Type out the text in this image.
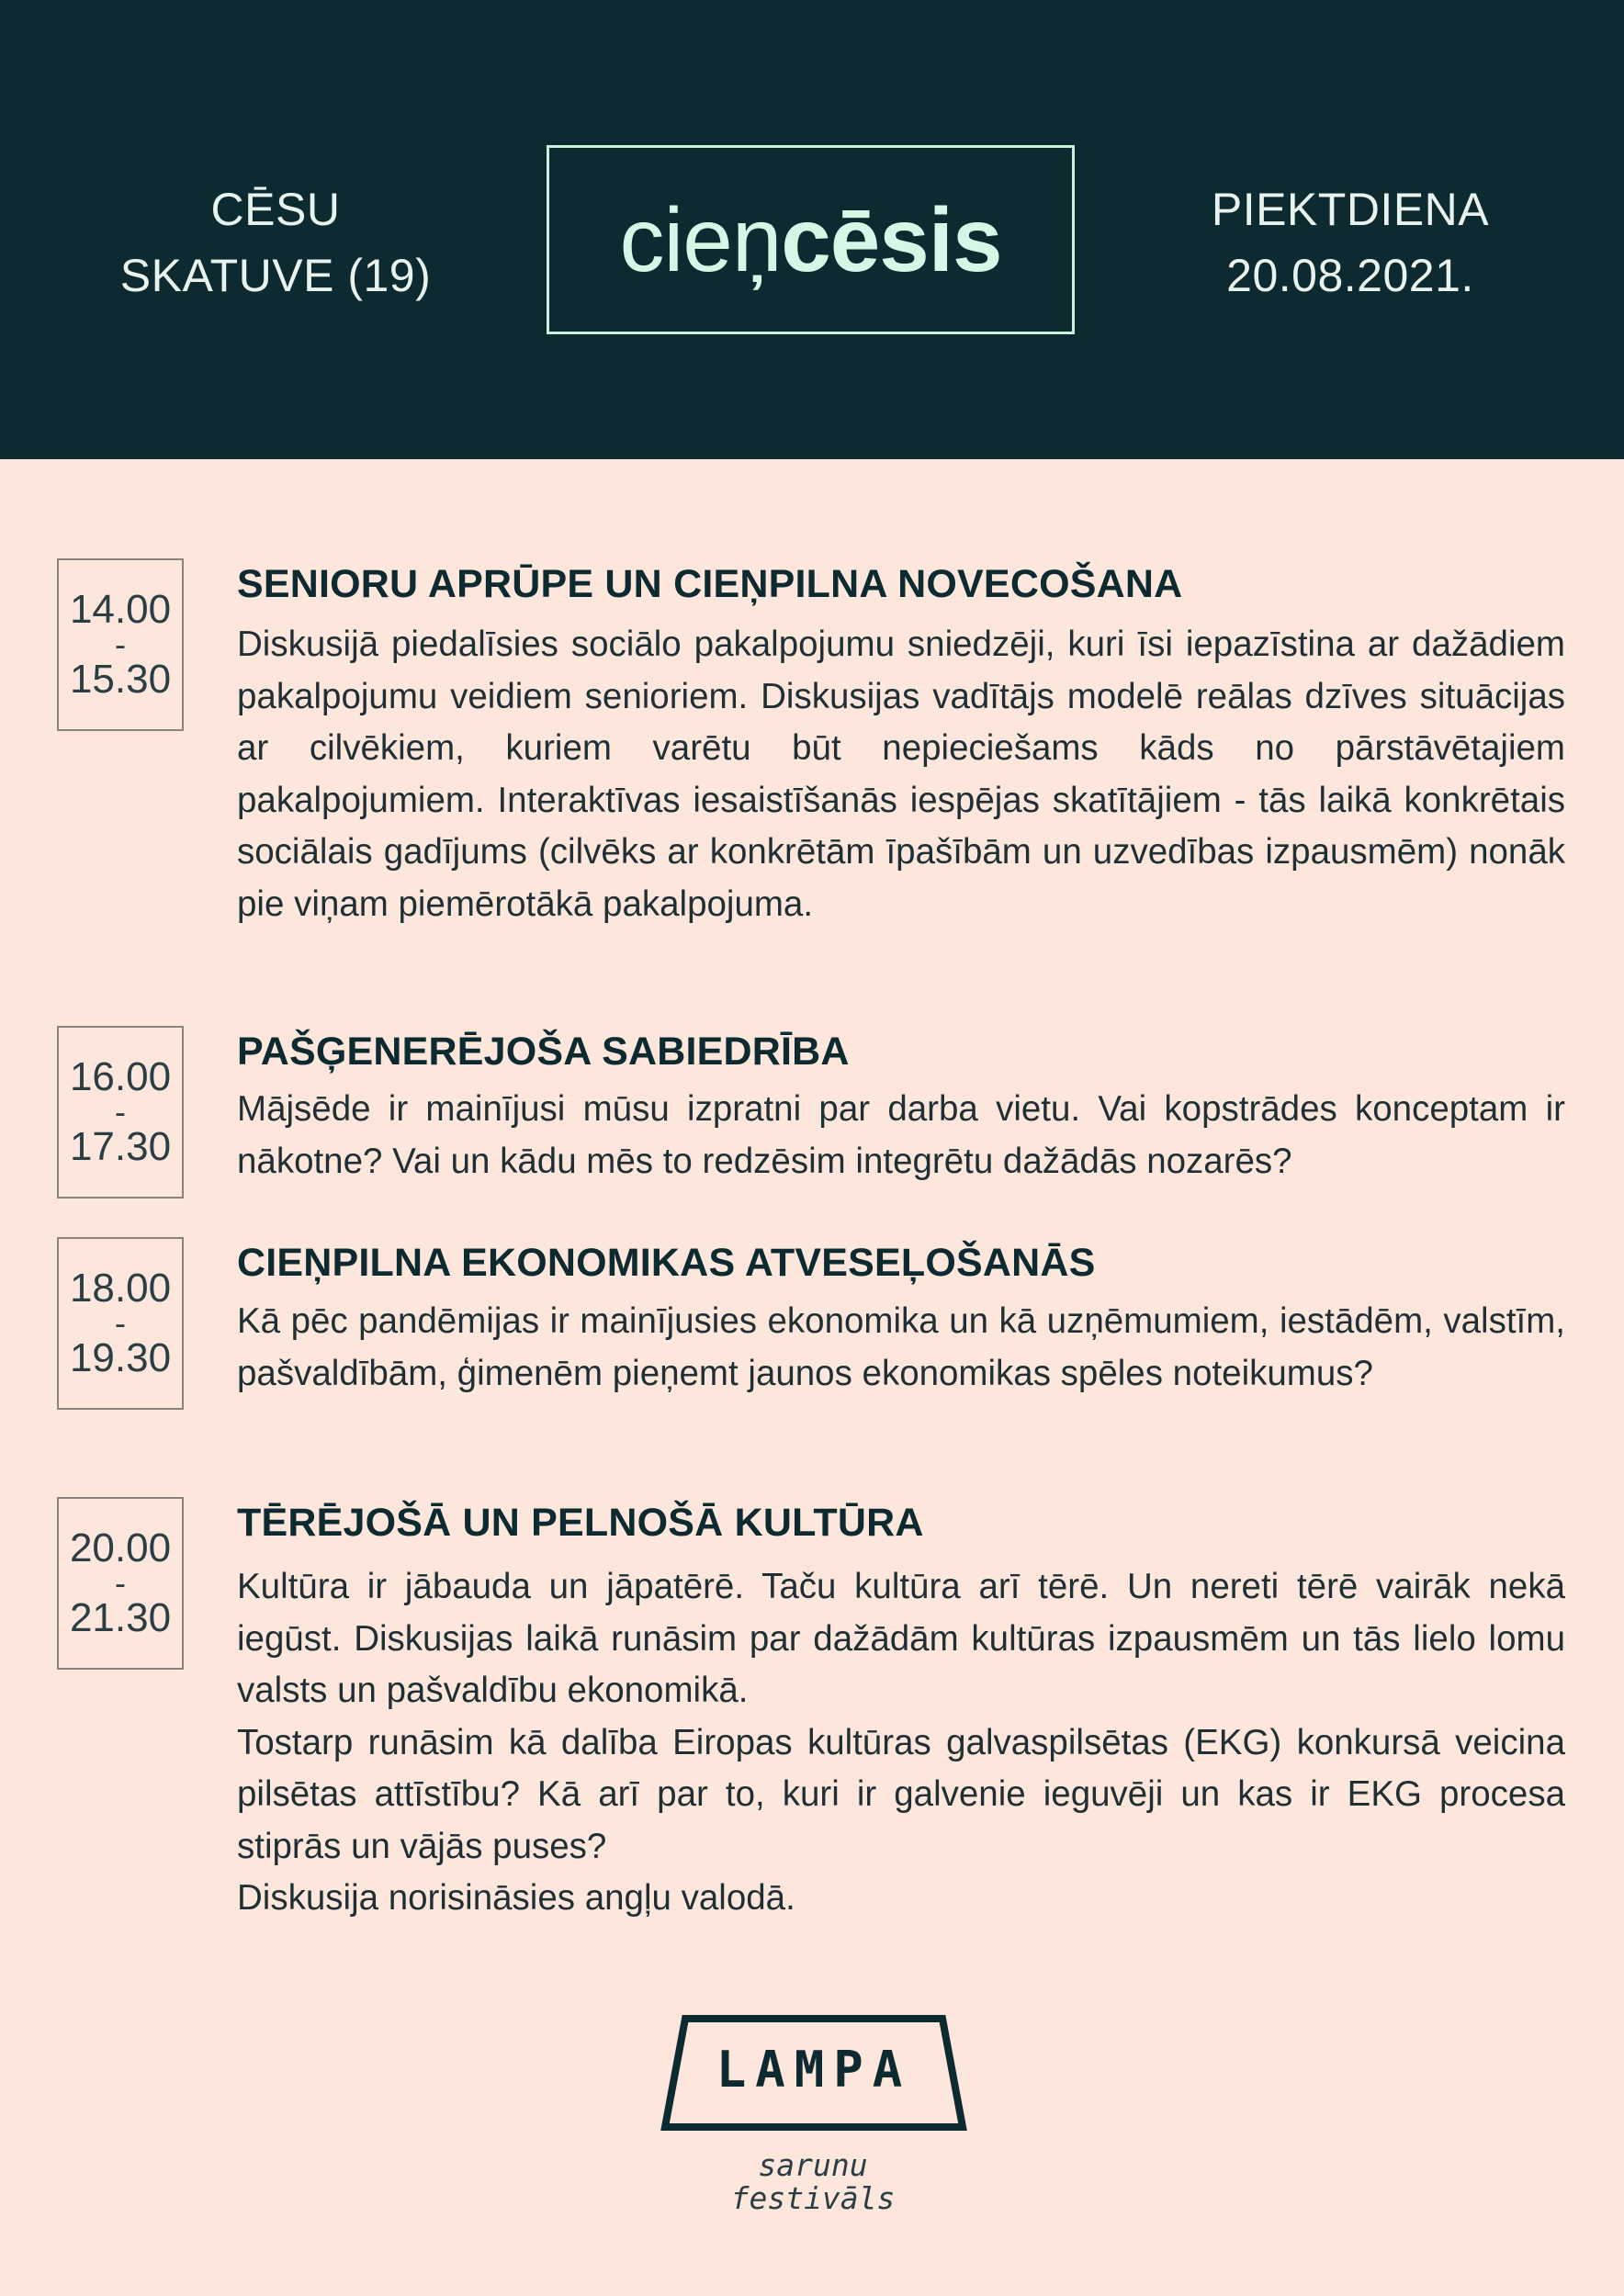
CĒSU
SKATUVE (19) cieņcēsis	PIEKTDIENA
20.08.2021.
14.00
-
15.30
SENIORU APRŪPE UN CIEŅPILNA NOVECOŠANA

Diskusijā piedalīsies sociālo pakalpojumu sniedzēji, kuri īsi iepazīstina ar dažādiem pakalpojumu veidiem senioriem. Diskusijas vadītājs modelē reālas dzīves situācijas ar cilvēkiem, kuriem varētu būt nepieciešams kāds no pārstāvētajiem pakalpojumiem. Interaktīvas iesaistīšanās iespējas skatītājiem - tās laikā konkrētais sociālais gadījums (cilvēks ar konkrētām īpašībām un uzvedības izpausmēm) nonāk pie viņam piemērotākā pakalpojuma.

16.00
-
17.30
PAŠĢENERĒJOŠA SABIEDRĪBA

Mājsēde ir mainījusi mūsu izpratni par darba vietu. Vai kopstrādes konceptam ir nākotne? Vai un kādu mēs to redzēsim integrētu dažādās nozarēs?

18.00
-
19.30
CIEŅPILNA EKONOMIKAS ATVESEĻOŠANĀS

Kā pēc pandēmijas ir mainījusies ekonomika un kā uzņēmumiem, iestādēm, valstīm, pašvaldībām, ģimenēm pieņemt jaunos ekonomikas spēles noteikumus?

20.00
-
21.30
TĒRĒJOŠĀ UN PELNOŠĀ KULTŪRA

Kultūra ir jābauda un jāpatērē. Taču kultūra arī tērē. Un nereti tērē vairāk nekā iegūst. Diskusijas laikā runāsim par dažādām kultūras izpausmēm un tās lielo lomu valsts un pašvaldību ekonomikā.

Tostarp runāsim kā dalība Eiropas kultūras galvaspilsētas (EKG) konkursā veicina pilsētas attīstību? Kā arī par to, kuri ir galvenie ieguvēji un kas ir EKG procesa stiprās un vājās puses?

Diskusija norisināsies angļu valodā.

LAMPA
sarunu
festivāls
